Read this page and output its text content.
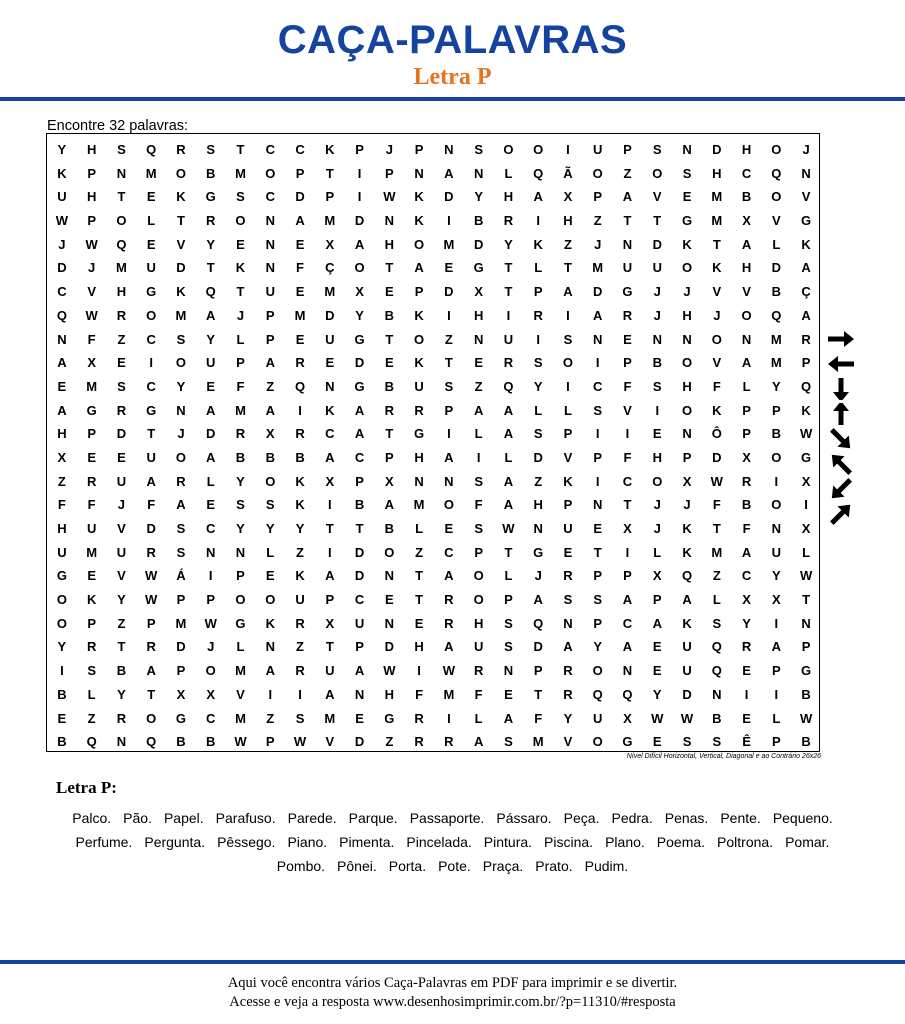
CAÇA-PALAVRAS
Letra P
Encontre 32 palavras:
Y	H	S	Q	R	S	T	C	C	K	P	J	P	N	S	O	O	I	U	P	S	N	D	H	O	J
K	P	N	M	O	B	M	O	P	T	I	P	N	A	N	L	Q	Ã	O	Z	O	S	H	C	Q	N
U	H	T	E	K	G	S	C	D	P	I	W	K	D	Y	H	A	X	P	A	V	E	M	B	O	V
W	P	O	L	T	R	O	N	A	M	D	N	K	I	B	R	I	H	Z	T	T	G	M	X	V	G
J	W	Q	E	V	Y	E	N	E	X	A	H	O	M	D	Y	K	Z	J	N	D	K	T	A	L	K
D	J	M	U	D	T	K	N	F	Ç	O	T	A	E	G	T	L	T	M	U	U	O	K	H	D	A
C	V	H	G	K	Q	T	U	E	M	X	E	P	D	X	T	P	A	D	G	J	J	V	V	B	Ç
Q	W	R	O	M	A	J	P	M	D	Y	B	K	I	H	I	R	I	A	R	J	H	J	O	Q	A
N	F	Z	C	S	Y	L	P	E	U	G	T	O	Z	N	U	I	S	N	E	N	N	O	N	M	R
A	X	E	I	O	U	P	A	R	E	D	E	K	T	E	R	S	O	I	P	B	O	V	A	M	P
E	M	S	C	Y	E	F	Z	Q	N	G	B	U	S	Z	Q	Y	I	C	F	S	H	F	L	Y	Q
A	G	R	G	N	A	M	A	I	K	A	R	R	P	A	A	L	L	S	V	I	O	K	P	P	K
H	P	D	T	J	D	R	X	R	C	A	T	G	I	L	A	S	P	I	I	E	N	Ô	P	B	W
X	E	E	U	O	A	B	B	B	A	C	P	H	A	I	L	D	V	P	F	H	P	D	X	O	G
Z	R	U	A	R	L	Y	O	K	X	P	X	N	N	S	A	Z	K	I	C	O	X	W	R	I	X
F	F	J	F	A	E	S	S	K	I	B	A	M	O	F	A	H	P	N	T	J	J	F	B	O	I
H	U	V	D	S	C	Y	Y	Y	T	T	B	L	E	S	W	N	U	E	X	J	K	T	F	N	X
U	M	U	R	S	N	N	L	Z	I	D	O	Z	C	P	T	G	E	T	I	L	K	M	A	U	L
G	E	V	W	Á	I	P	E	K	A	D	N	T	A	O	L	J	R	P	P	X	Q	Z	C	Y	W
O	K	Y	W	P	P	O	O	U	P	C	E	T	R	O	P	A	S	S	A	P	A	L	X	X	T
O	P	Z	P	M	W	G	K	R	X	U	N	E	R	H	S	Q	N	P	C	A	K	S	Y	I	N
Y	R	T	R	D	J	L	N	Z	T	P	D	H	A	U	S	D	A	Y	A	E	U	Q	R	A	P
I	S	B	A	P	O	M	A	R	U	A	W	I	W	R	N	P	R	O	N	E	U	Q	E	P	G
B	L	Y	T	X	X	V	I	I	A	N	H	F	M	F	E	T	R	Q	Q	Y	D	N	I	I	B
E	Z	R	O	G	C	M	Z	S	M	E	G	R	I	L	A	F	Y	U	X	W	W	B	E	L	W
B	Q	N	Q	B	B	W	P	W	V	D	Z	R	R	A	S	M	V	O	G	E	S	S	Ê	P	B
Nível Difícil Horizontal, Vertical, Diagonal e ao Contrário 26x26
Letra P:
Palco. Pão. Papel. Parafuso. Parede. Parque. Passaporte. Pássaro. Peça. Pedra. Penas. Pente. Pequeno.Perfume. Pergunta. Pêssego. Piano. Pimenta. Pincelada. Pintura. Piscina. Plano. Poema. Poltrona. Pomar.Pombo. Pônei. Porta. Pote. Praça. Prato. Pudim.
Aqui você encontra vários Caça-Palavras em PDF para imprimir e se divertir.
Acesse e veja a resposta www.desenhosimprimir.com.br/?p=11310/#resposta
